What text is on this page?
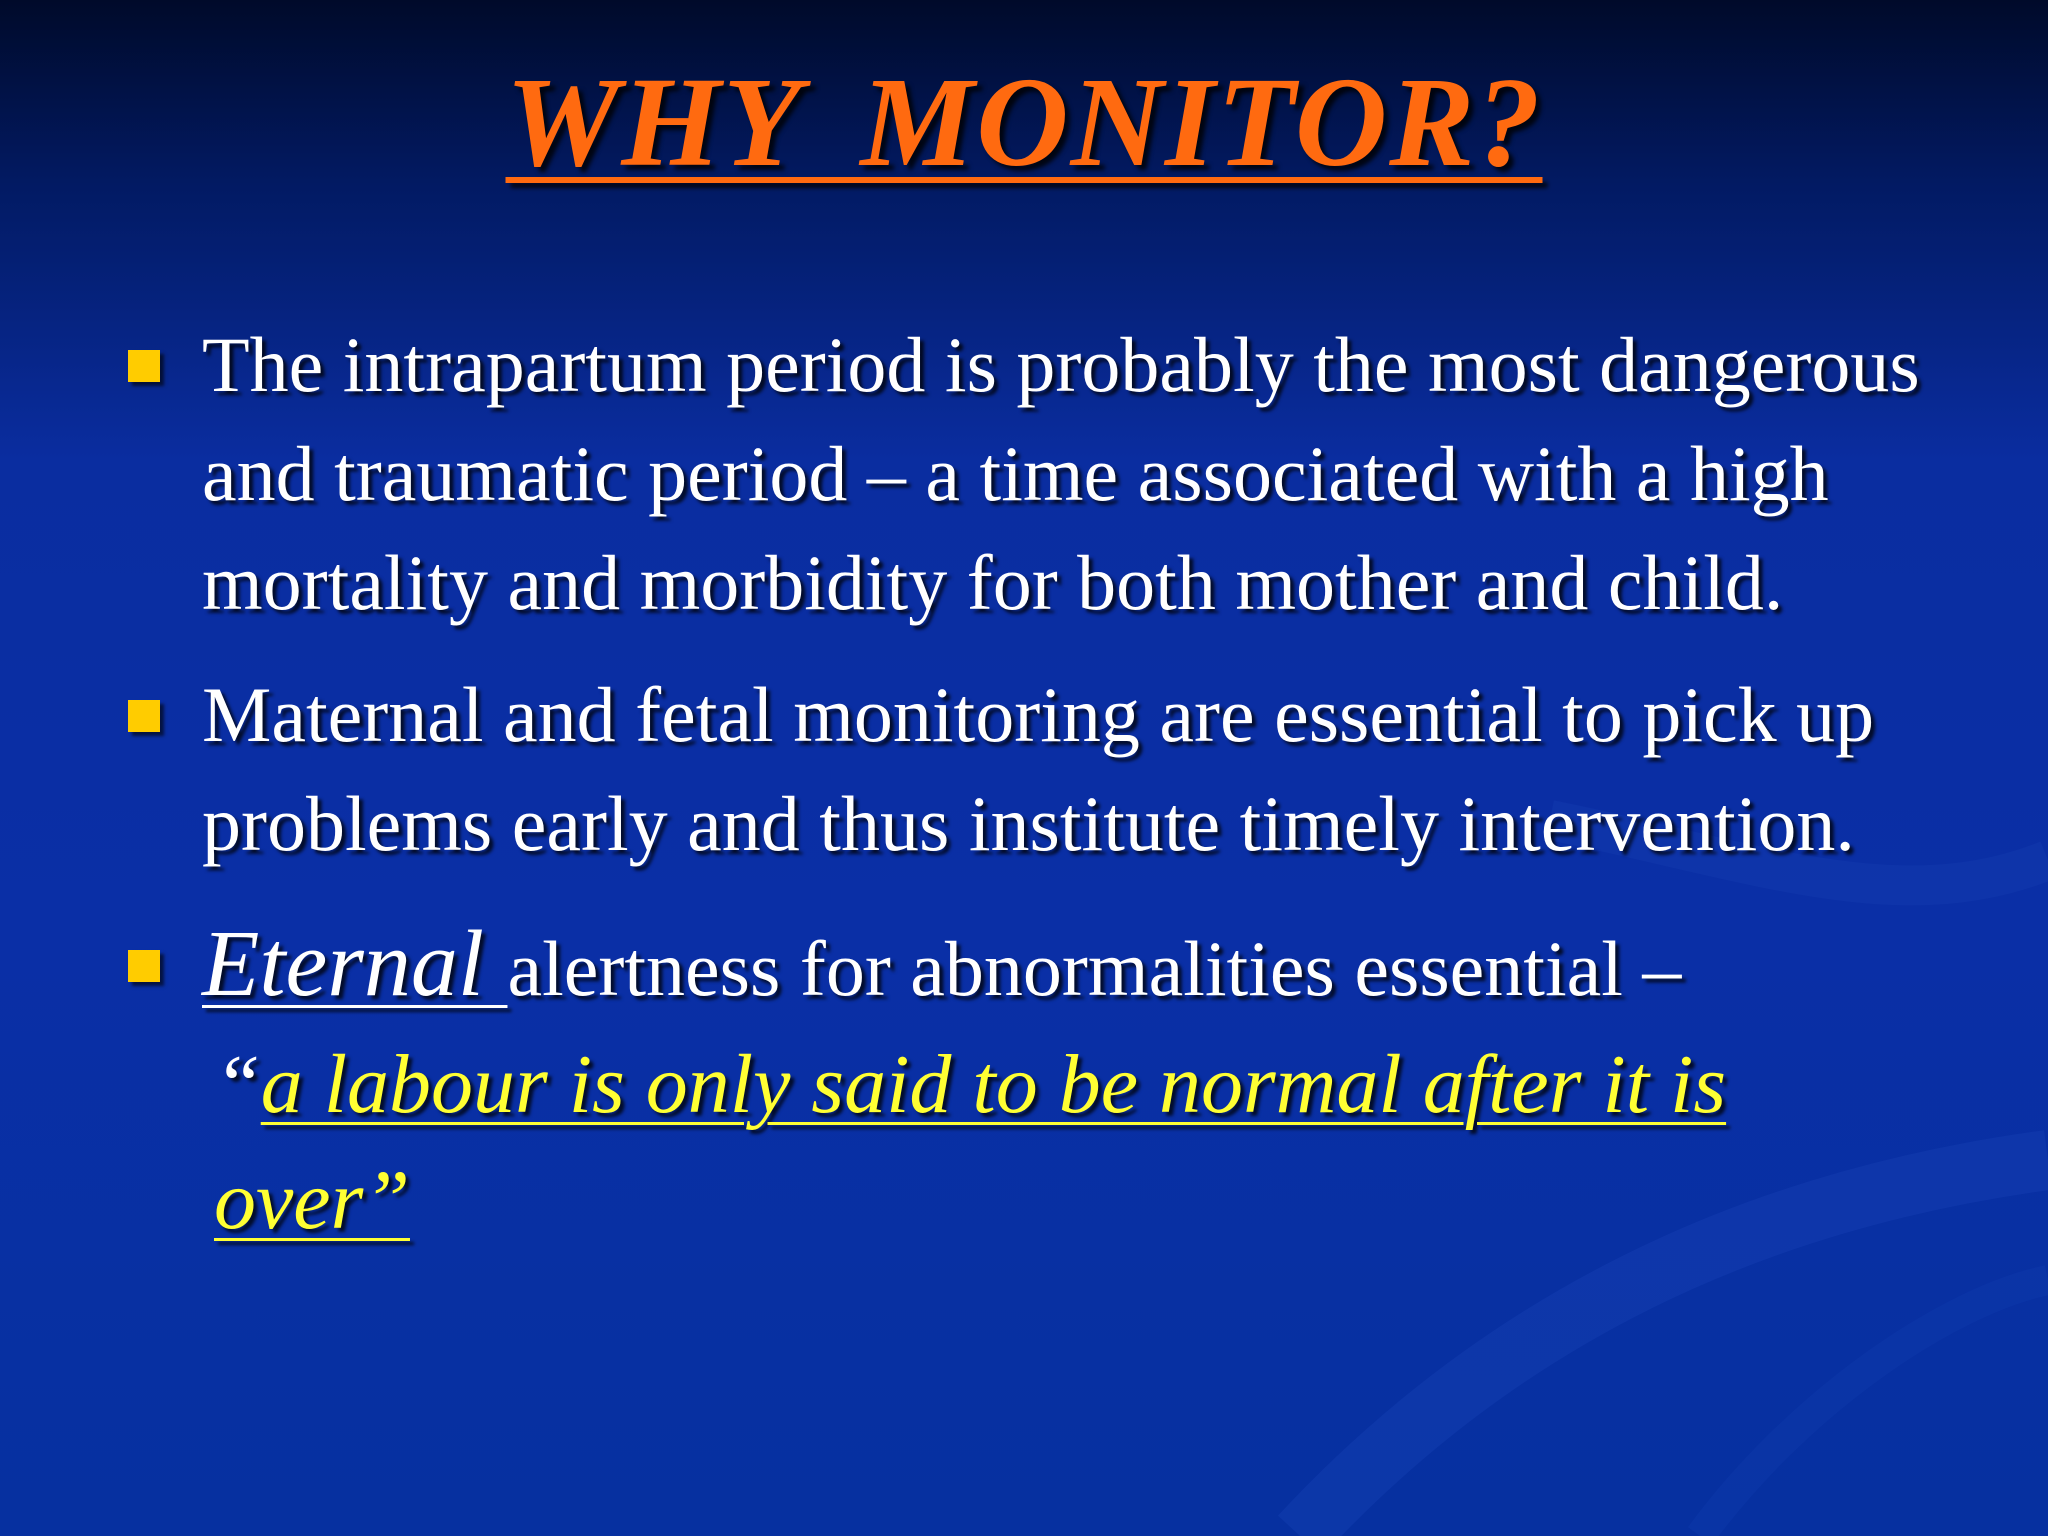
WHY MONITOR?
The intrapartum period is probably the most dangerous and traumatic period – a time associated with a high mortality and morbidity for both mother and child.
Maternal and fetal monitoring are essential to pick up problems early and thus institute timely intervention.
Eternal alertness for abnormalities essential –
“a labour is only said to be normal after it is over”
